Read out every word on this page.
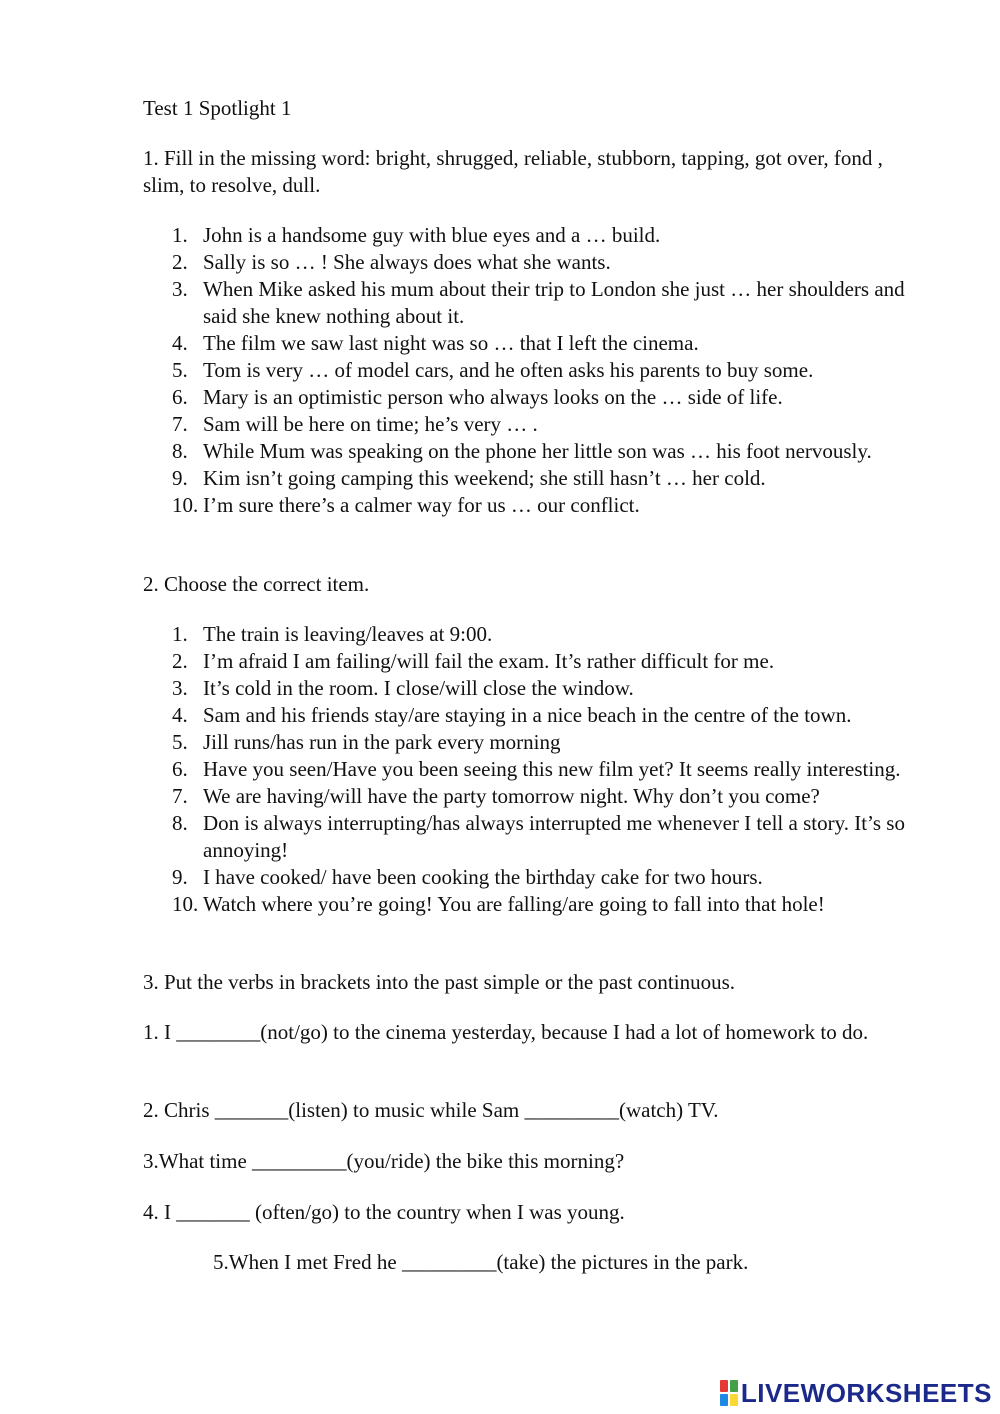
Test 1 Spotlight 1
1. Fill in the missing word: bright, shrugged, reliable, stubborn, tapping, got over, fond , slim, to resolve, dull.
1. John is a handsome guy with blue eyes and a … build.
2. Sally is so … ! She always does what she wants.
3. When Mike asked his mum about their trip to London she just … her shoulders and said she knew nothing about it.
4. The film we saw last night was so … that I left the cinema.
5. Tom is very … of model cars, and he often asks his parents to buy some.
6. Mary is an optimistic person who always looks on the … side of life.
7. Sam will be here on time; he’s very … .
8. While Mum was speaking on the phone her little son was … his foot nervously.
9. Kim isn’t going camping this weekend; she still hasn’t … her cold.
10. I’m sure there’s a calmer way for us … our conflict.
2. Choose the correct item.
1. The train is leaving/leaves at 9:00.
2. I’m afraid I am failing/will fail the exam. It’s rather difficult for me.
3. It’s cold in the room. I close/will close the window.
4. Sam and his friends stay/are staying in a nice beach in the centre of the town.
5. Jill runs/has run in the park every morning
6. Have you seen/Have you been seeing this new film yet? It seems really interesting.
7. We are having/will have the party tomorrow night. Why don’t you come?
8. Don is always interrupting/has always interrupted me whenever I tell a story. It’s so annoying!
9. I have cooked/ have been cooking the birthday cake for two hours.
10. Watch where you’re going! You are falling/are going to fall into that hole!
3. Put the verbs in brackets into the past simple or the past continuous.
1. I ________(not/go) to the cinema yesterday, because I had a lot of homework to do.
2. Chris _______(listen) to music while Sam _________(watch) TV.
3.What time _________(you/ride) the bike this morning?
4. I _______ (often/go) to the country when I was young.
5.When I met Fred he _________(take) the pictures in the park.
LIVEWORKSHEETS
